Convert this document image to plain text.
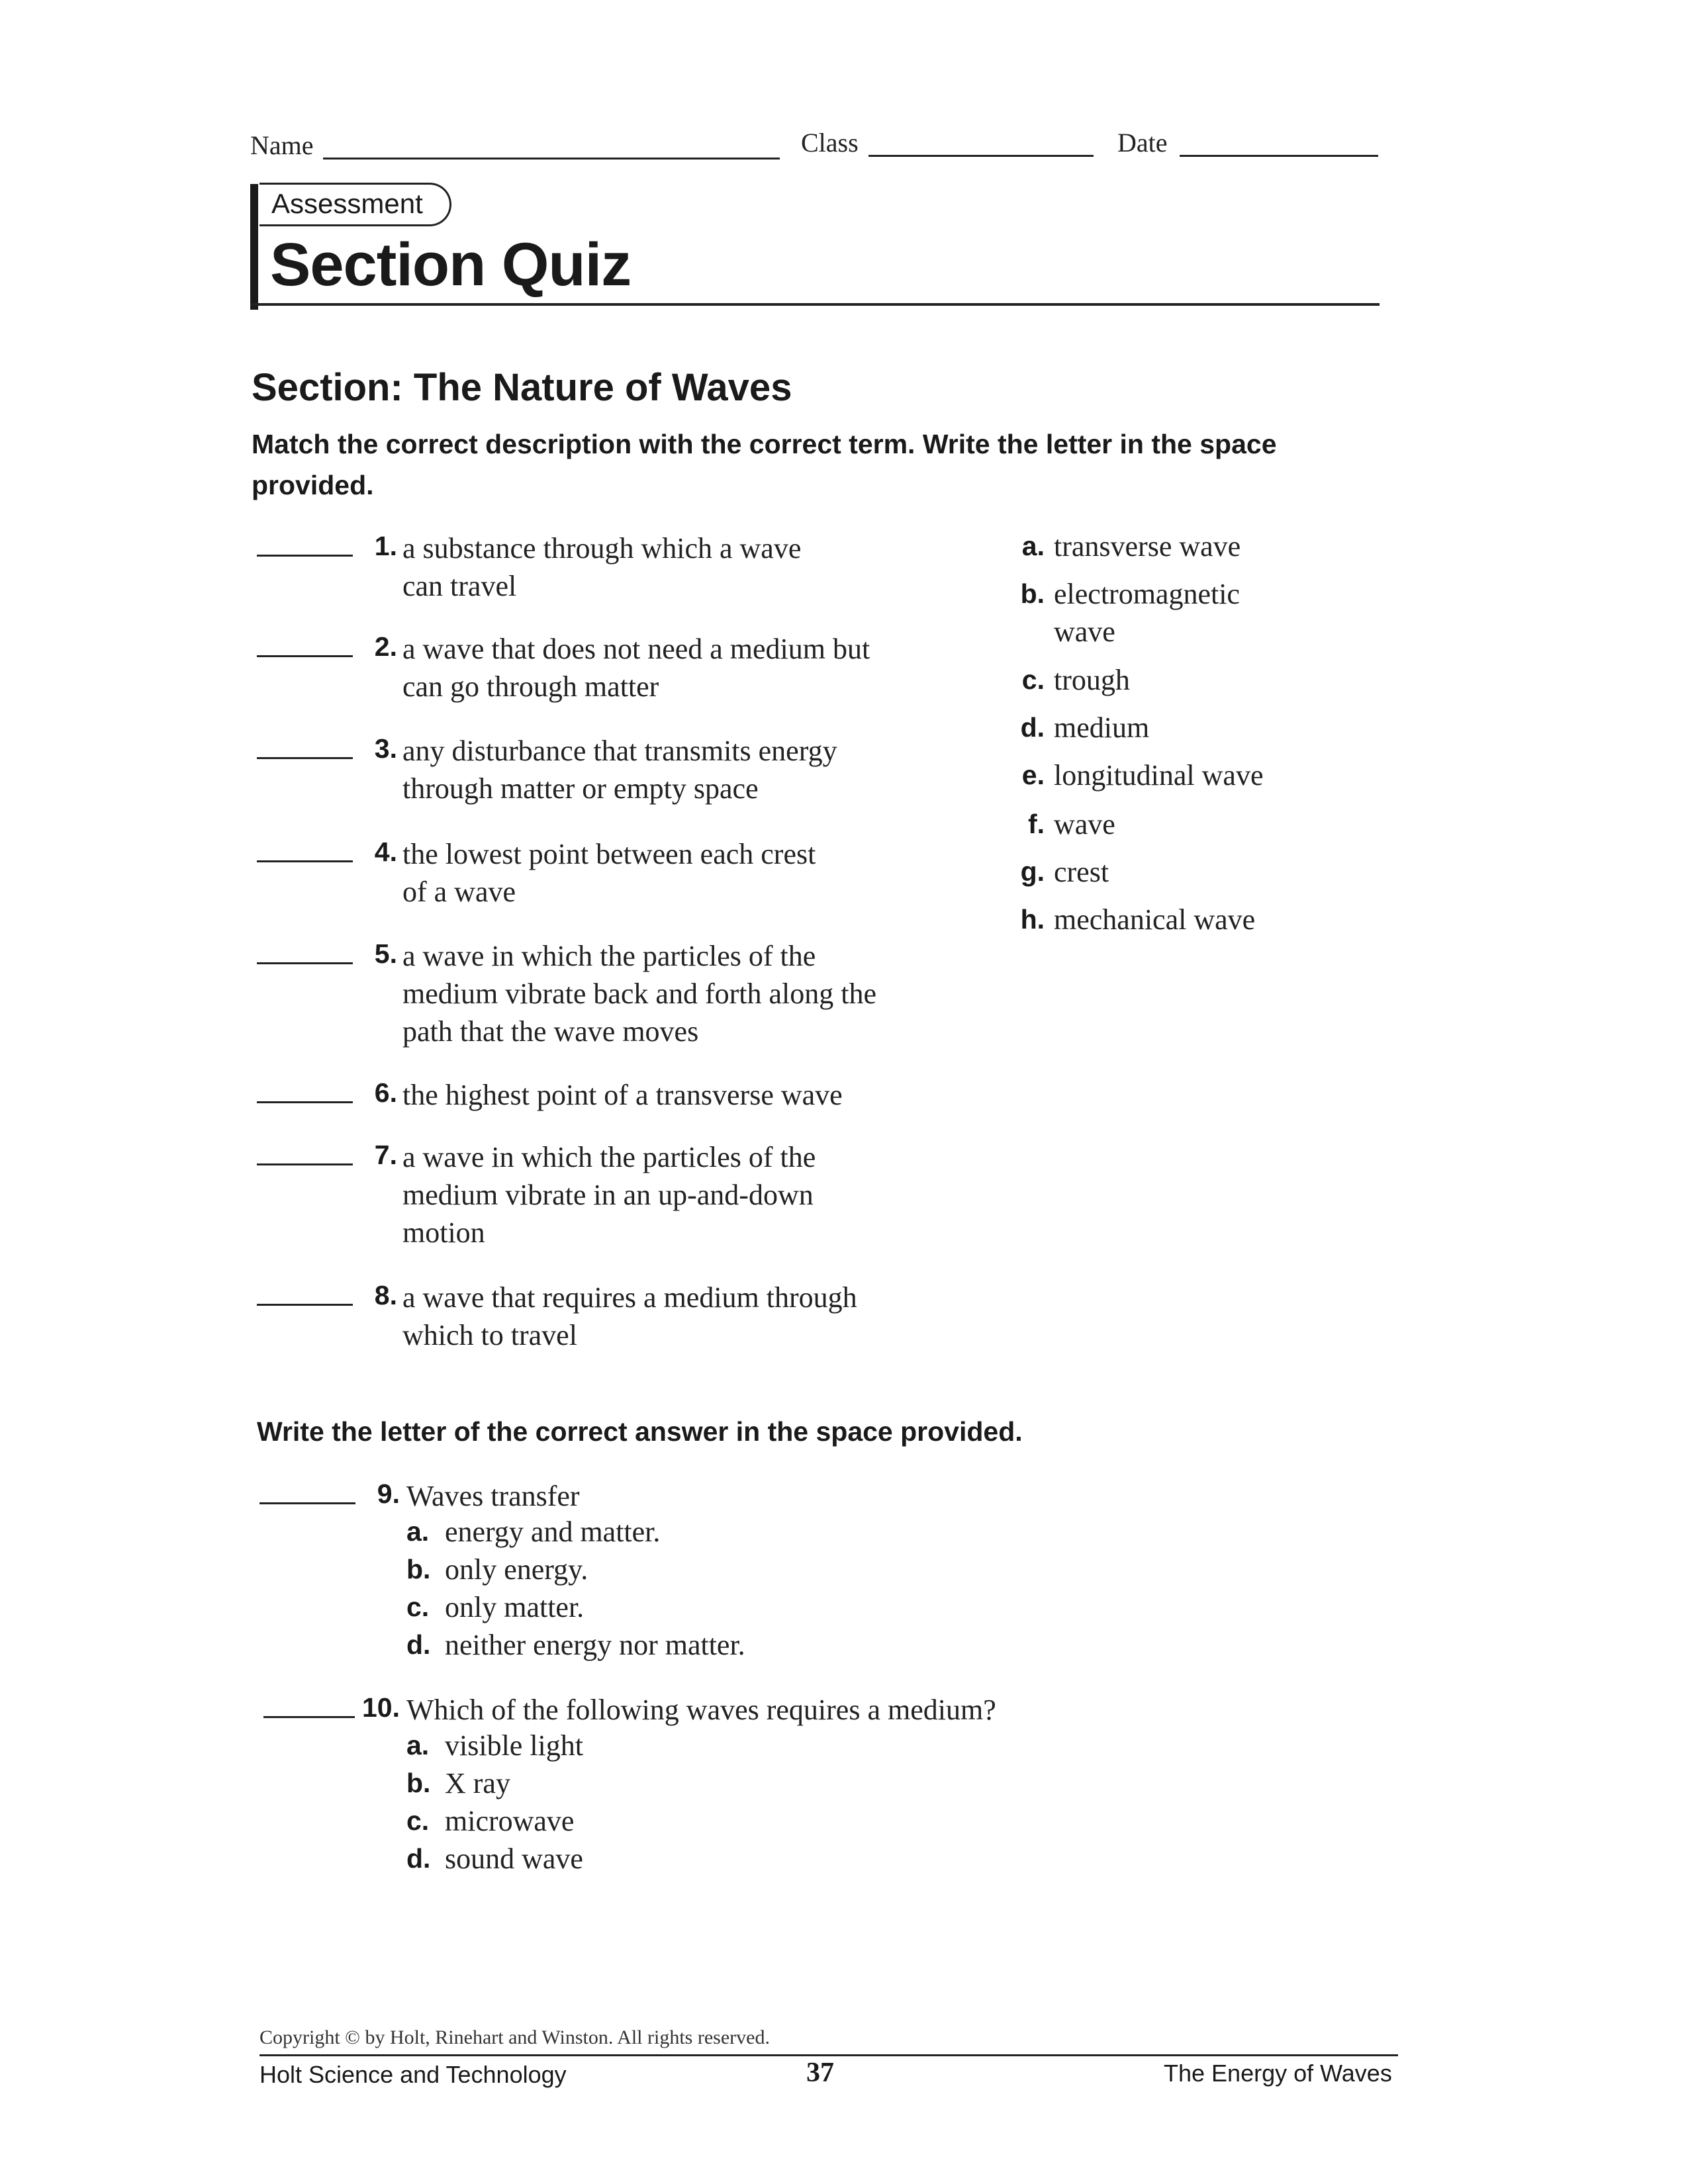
Name	Class	Date
Assessment
Section Quiz
Section: The Nature of Waves
Match the correct description with the correct term. Write the letter in the space
provided.
1. a substance through which a wave
can travel
2. a wave that does not need a medium but
can go through matter
3. any disturbance that transmits energy
through matter or empty space
4. the lowest point between each crest
of a wave
5. a wave in which the particles of the
medium vibrate back and forth along the
path that the wave moves
6. the highest point of a transverse wave
7. a wave in which the particles of the
medium vibrate in an up-and-down
motion
8. a wave that requires a medium through
which to travel
a. transverse wave
b. electromagnetic
wave
c. trough
d. medium
e. longitudinal wave
f. wave
g. crest
h. mechanical wave
Write the letter of the correct answer in the space provided.
9. Waves transfer
a. energy and matter.
b. only energy.
c. only matter.
d. neither energy nor matter.
10. Which of the following waves requires a medium?
a. visible light
b. X ray
c. microwave
d. sound wave
Copyright © by Holt, Rinehart and Winston. All rights reserved.
Holt Science and Technology	37	The Energy of Waves
